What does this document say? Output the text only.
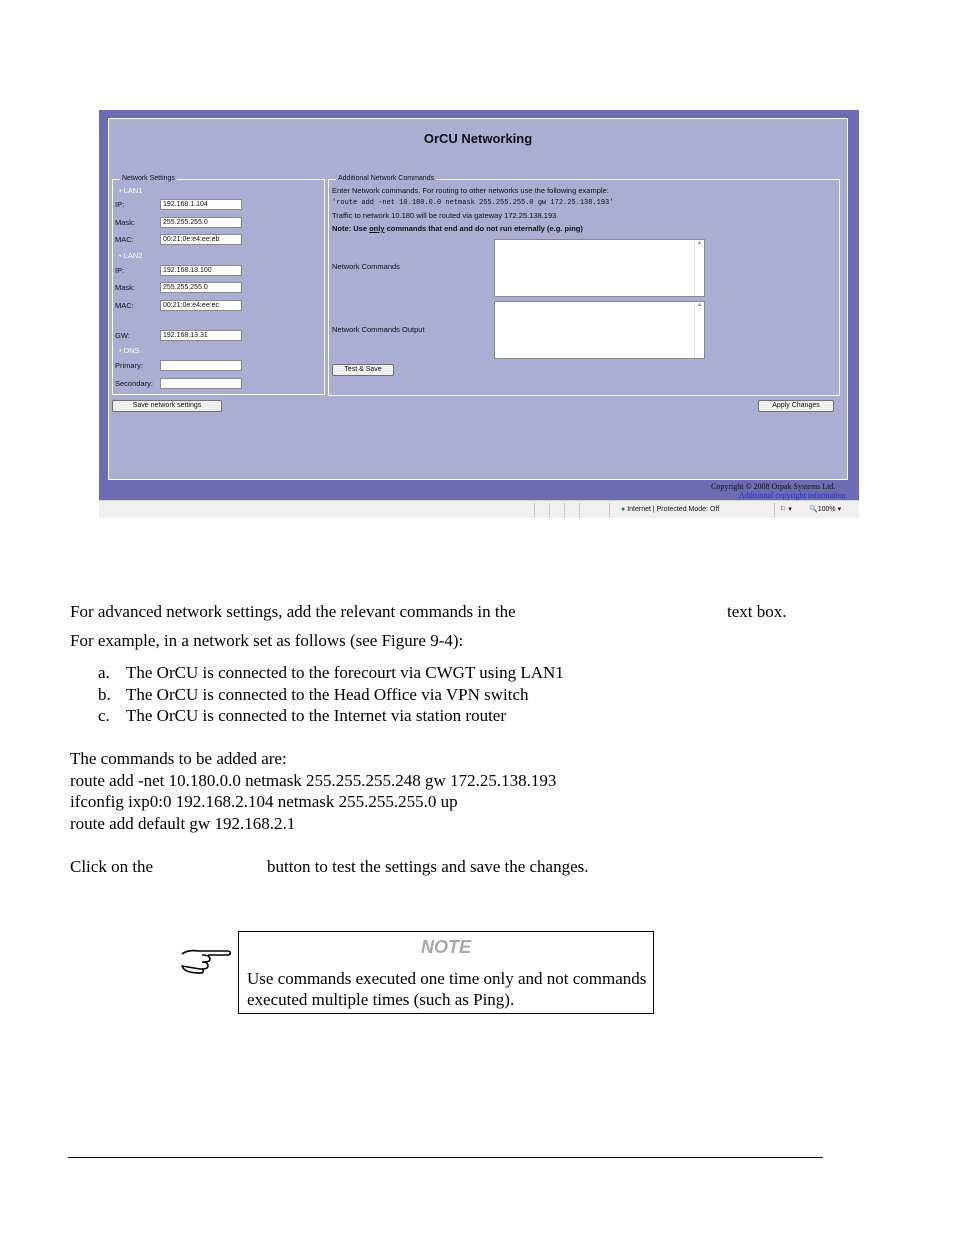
OrCU Networking
Network Settings
• LAN1
IP:	192.168.1.104
Mask:	255.255.255.0
MAC:	00:21:0e:e4:ee:eb
• LAN2
IP:	192.168.13.100
Mask:	255.255.255.0
MAC:	00:21:0e:e4:ee:ec
GW:	192.168.13.31
• DNS
Primary:
Secondary:
Save network settings
Additional Network Commands
Enter Network commands. For routing to other networks use the following example:
'route add -net 10.180.0.0 netmask 255.255.255.0 gw 172.25.138.193'
Traffic to network 10.180 will be routed via gateway 172.25.138.193
Note: Use only commands that end and do not run eternally (e.g. ping)
Network Commands
▲
Network Commands Output
▲
Test & Save
Apply Changes
Copyright © 2008 Orpak Systems Ltd.
Additional copyright information
● Internet | Protected Mode: Off	⚐ ▾ 🔍100% ▾
For advanced network settings, add the relevant commands in the	text box.
For example, in a network set as follows (see Figure 9-4):
a. The OrCU is connected to the forecourt via CWGT using LAN1
b. The OrCU is connected to the Head Office via VPN switch
c. The OrCU is connected to the Internet via station router
The commands to be added are:
route add -net 10.180.0.0 netmask 255.255.255.248 gw 172.25.138.193
ifconfig ixp0:0 192.168.2.104 netmask 255.255.255.0 up
route add default gw 192.168.2.1
Click on the	button to test the settings and save the changes.
NOTE
Use commands executed one time only and not commands executed multiple times (such as Ping).
